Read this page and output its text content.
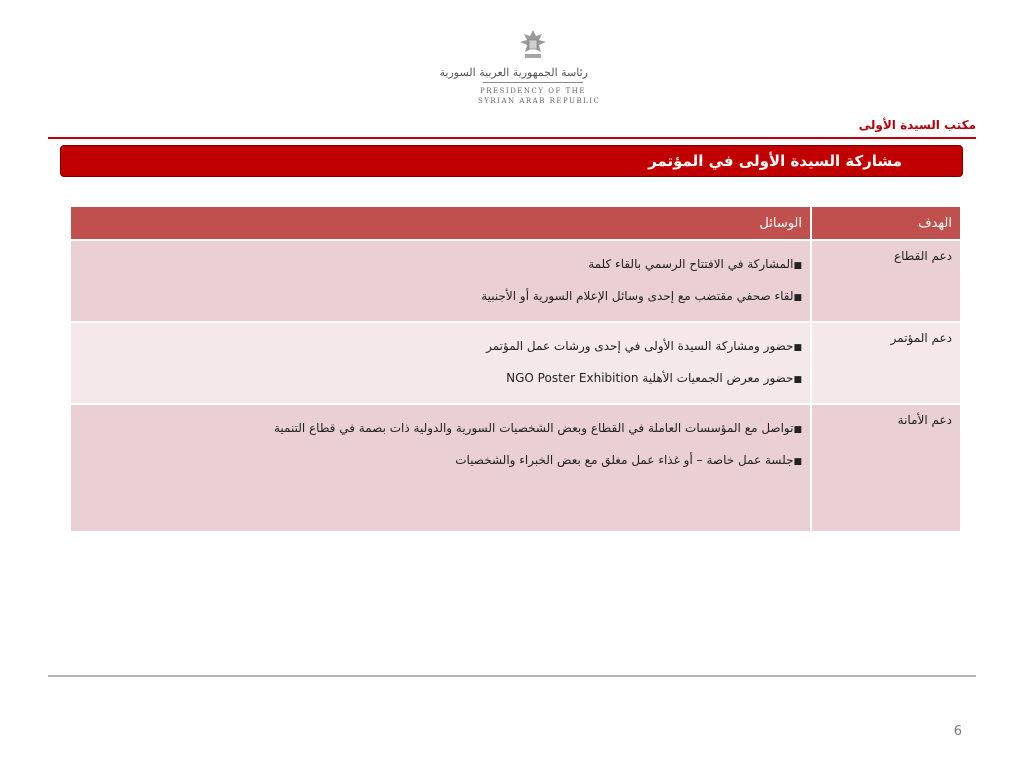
رئاسة الجمهورية العربية السورية
PRESIDENCY OF THE
SYRIAN ARAB REPUBLIC
مكتب السيدة الأولى
مشاركة السيدة الأولى في المؤتمر
الهدف	الوسائل
دعم القطاع	■المشاركة في الافتتاح الرسمي بالقاء كلمة
■لقاء صحفي مقتضب مع إحدى وسائل الإعلام السورية أو الأجنبية

دعم المؤتمر	■حضور ومشاركة السيدة الأولى في إحدى ورشات عمل المؤتمر
■حضور معرض الجمعيات الأهلية NGO Poster Exhibition

دعم الأمانة	■تواصل مع المؤسسات العاملة في القطاع وبعض الشخصيات السورية والدولية ذات بصمة في قطاع التنمية
■جلسة عمل خاصة – أو غذاء عمل مغلق مع بعض الخبراء والشخصيات
6
